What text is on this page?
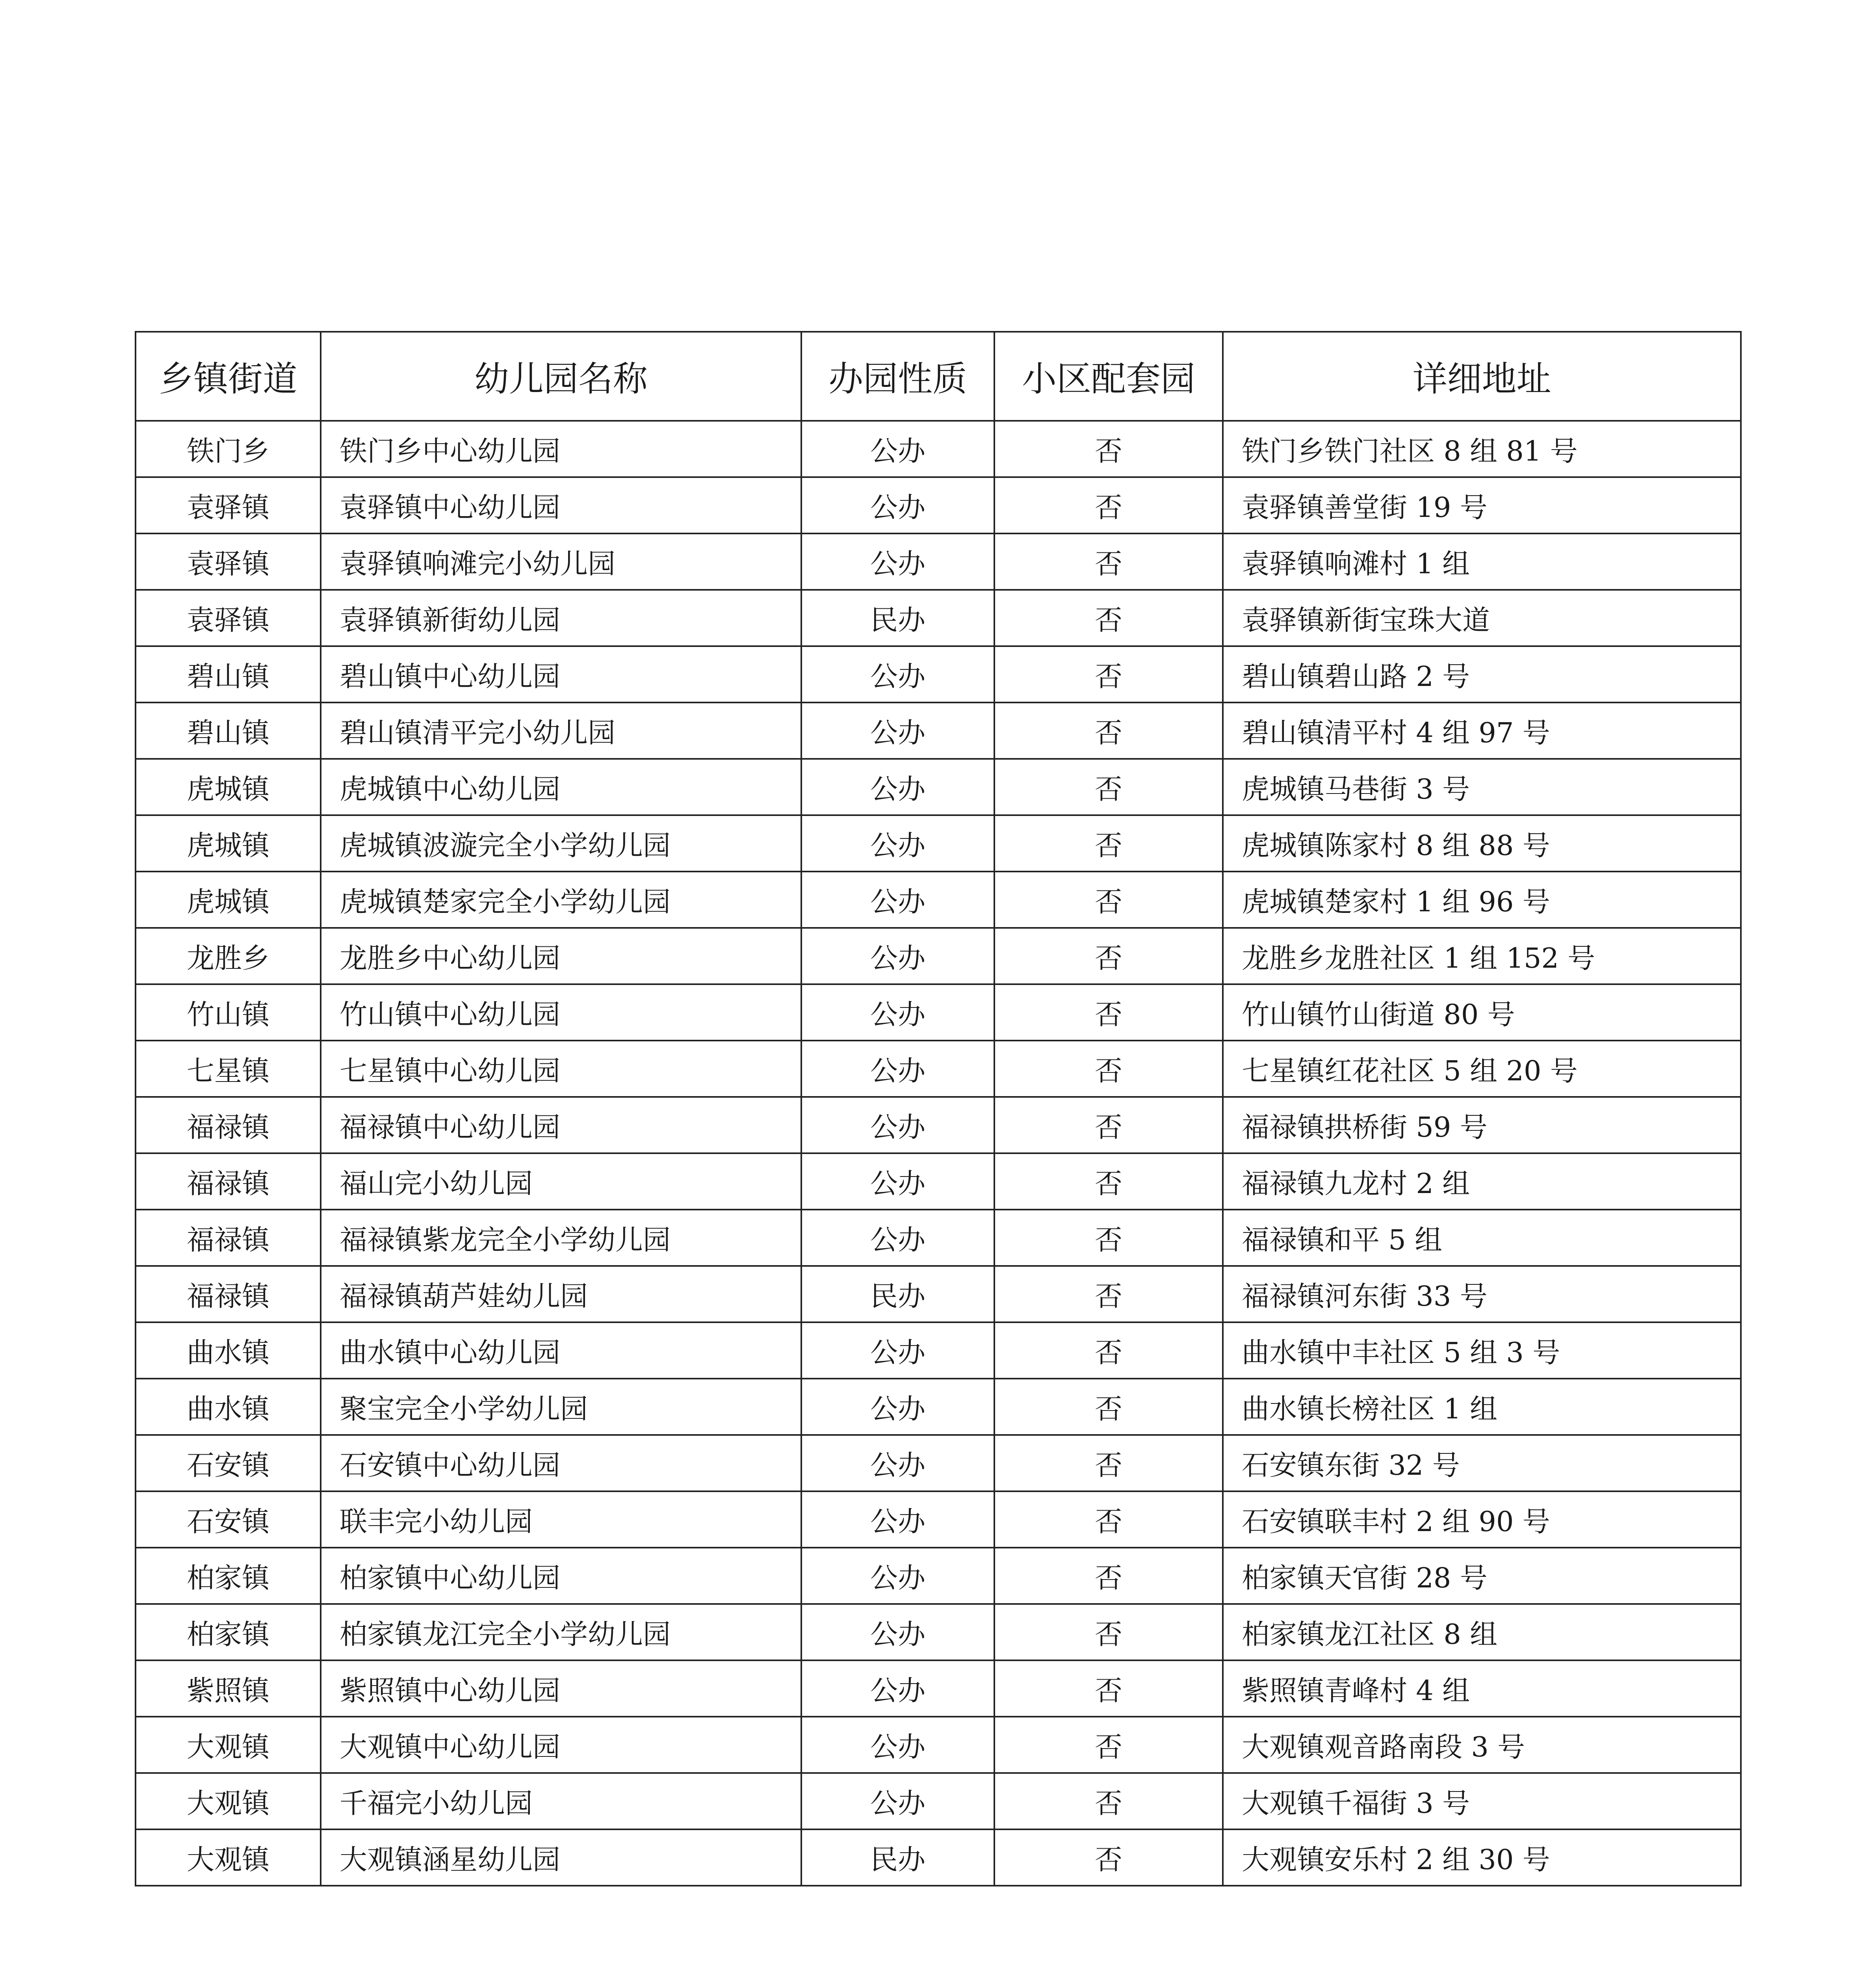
乡镇街道	幼儿园名称	办园性质	小区配套园	详细地址
铁门乡	铁门乡中心幼儿园	公办	否	铁门乡铁门社区 8 组 81 号
袁驿镇	袁驿镇中心幼儿园	公办	否	袁驿镇善堂街 19 号
袁驿镇	袁驿镇响滩完小幼儿园	公办	否	袁驿镇响滩村 1 组
袁驿镇	袁驿镇新街幼儿园	民办	否	袁驿镇新街宝珠大道
碧山镇	碧山镇中心幼儿园	公办	否	碧山镇碧山路 2 号
碧山镇	碧山镇清平完小幼儿园	公办	否	碧山镇清平村 4 组 97 号
虎城镇	虎城镇中心幼儿园	公办	否	虎城镇马巷街 3 号
虎城镇	虎城镇波漩完全小学幼儿园	公办	否	虎城镇陈家村 8 组 88 号
虎城镇	虎城镇楚家完全小学幼儿园	公办	否	虎城镇楚家村 1 组 96 号
龙胜乡	龙胜乡中心幼儿园	公办	否	龙胜乡龙胜社区 1 组 152 号
竹山镇	竹山镇中心幼儿园	公办	否	竹山镇竹山街道 80 号
七星镇	七星镇中心幼儿园	公办	否	七星镇红花社区 5 组 20 号
福禄镇	福禄镇中心幼儿园	公办	否	福禄镇拱桥街 59 号
福禄镇	福山完小幼儿园	公办	否	福禄镇九龙村 2 组
福禄镇	福禄镇紫龙完全小学幼儿园	公办	否	福禄镇和平 5 组
福禄镇	福禄镇葫芦娃幼儿园	民办	否	福禄镇河东街 33 号
曲水镇	曲水镇中心幼儿园	公办	否	曲水镇中丰社区 5 组 3 号
曲水镇	聚宝完全小学幼儿园	公办	否	曲水镇长榜社区 1 组
石安镇	石安镇中心幼儿园	公办	否	石安镇东街 32 号
石安镇	联丰完小幼儿园	公办	否	石安镇联丰村 2 组 90 号
柏家镇	柏家镇中心幼儿园	公办	否	柏家镇天官街 28 号
柏家镇	柏家镇龙江完全小学幼儿园	公办	否	柏家镇龙江社区 8 组
紫照镇	紫照镇中心幼儿园	公办	否	紫照镇青峰村 4 组
大观镇	大观镇中心幼儿园	公办	否	大观镇观音路南段 3 号
大观镇	千福完小幼儿园	公办	否	大观镇千福街 3 号
大观镇	大观镇涵星幼儿园	民办	否	大观镇安乐村 2 组 30 号
